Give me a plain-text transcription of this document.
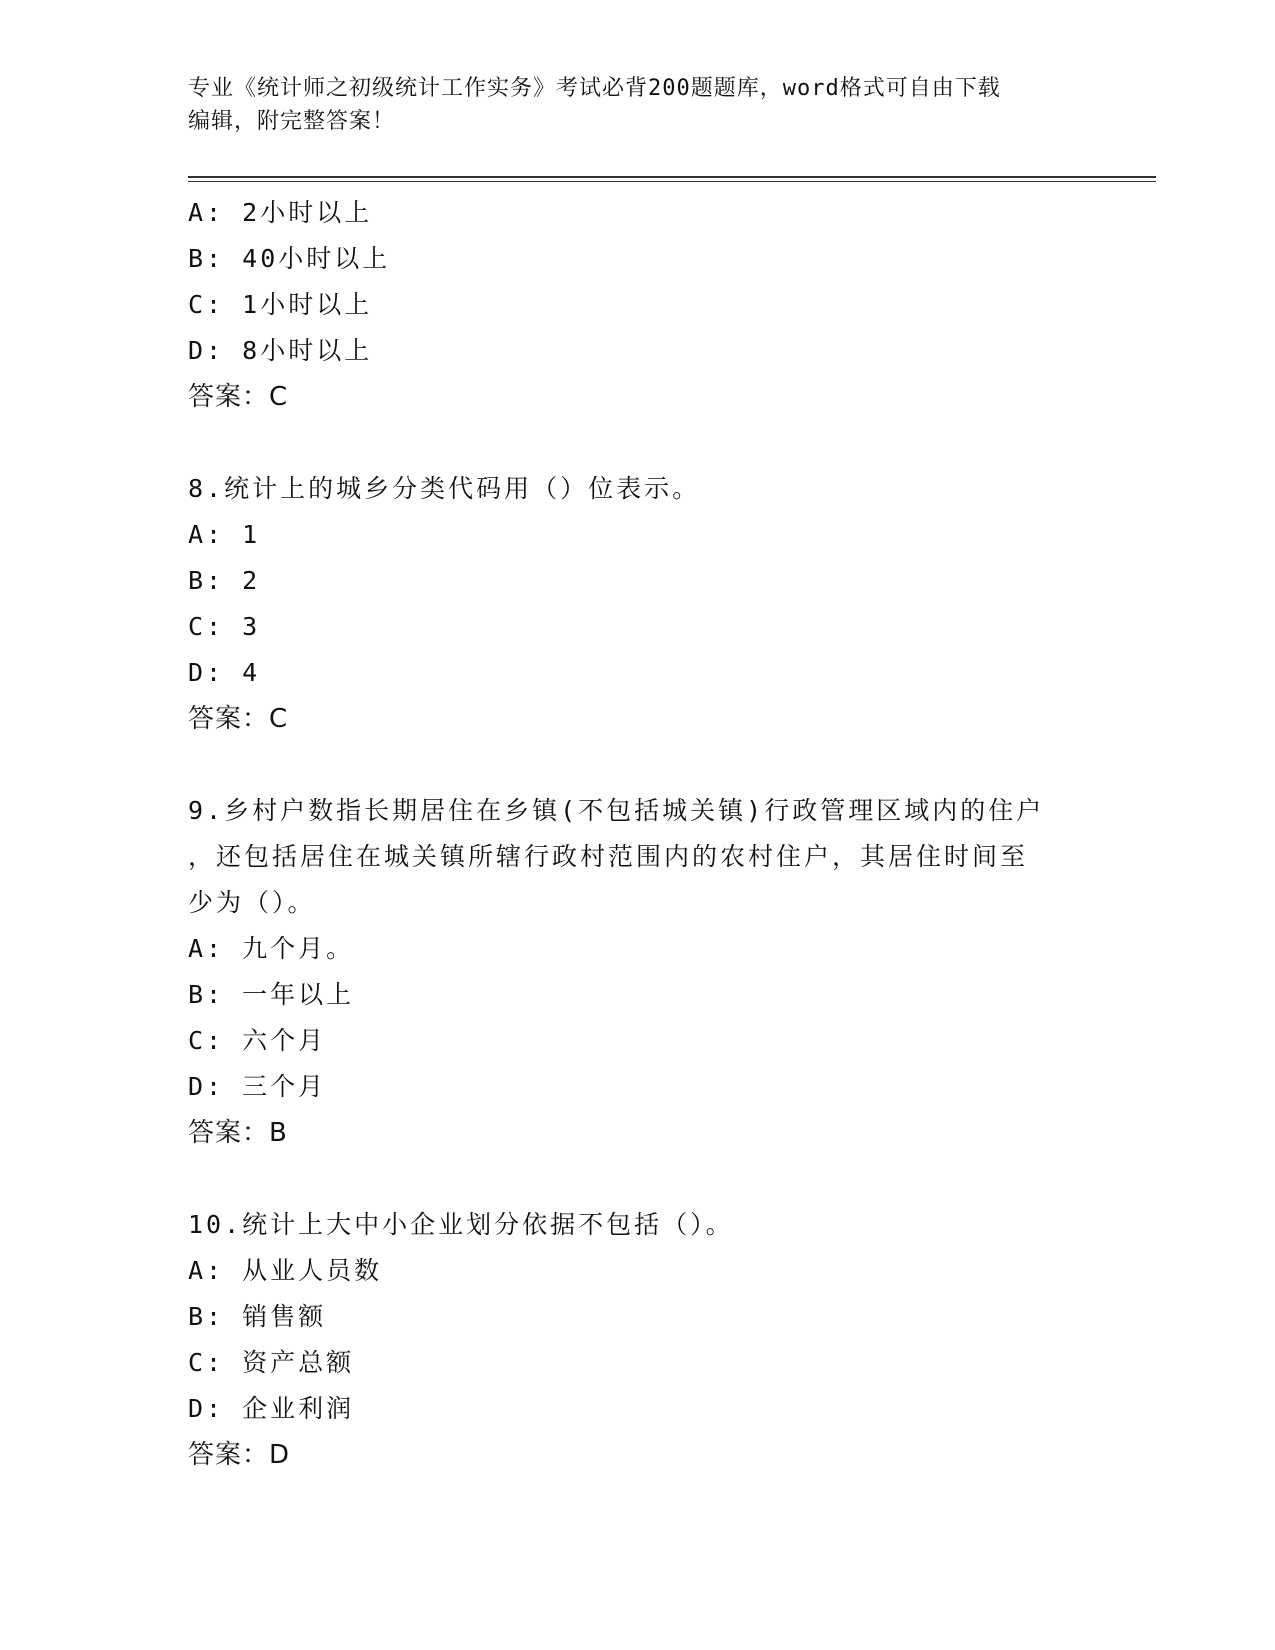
专业《统计师之初级统计工作实务》考试必背200题题库，word格式可自由下载
编辑，附完整答案！
A: 2小时以上
B: 40小时以上
C: 1小时以上
D: 8小时以上
答案：C
8.统计上的城乡分类代码用（）位表示。
A: 1
B: 2
C: 3
D: 4
答案：C
9.乡村户数指长期居住在乡镇(不包括城关镇)行政管理区域内的住户
，还包括居住在城关镇所辖行政村范围内的农村住户，其居住时间至
少为（）。
A: 九个月。
B: 一年以上
C: 六个月
D: 三个月
答案：B
10.统计上大中小企业划分依据不包括（）。
A: 从业人员数
B: 销售额
C: 资产总额
D: 企业利润
答案：D
